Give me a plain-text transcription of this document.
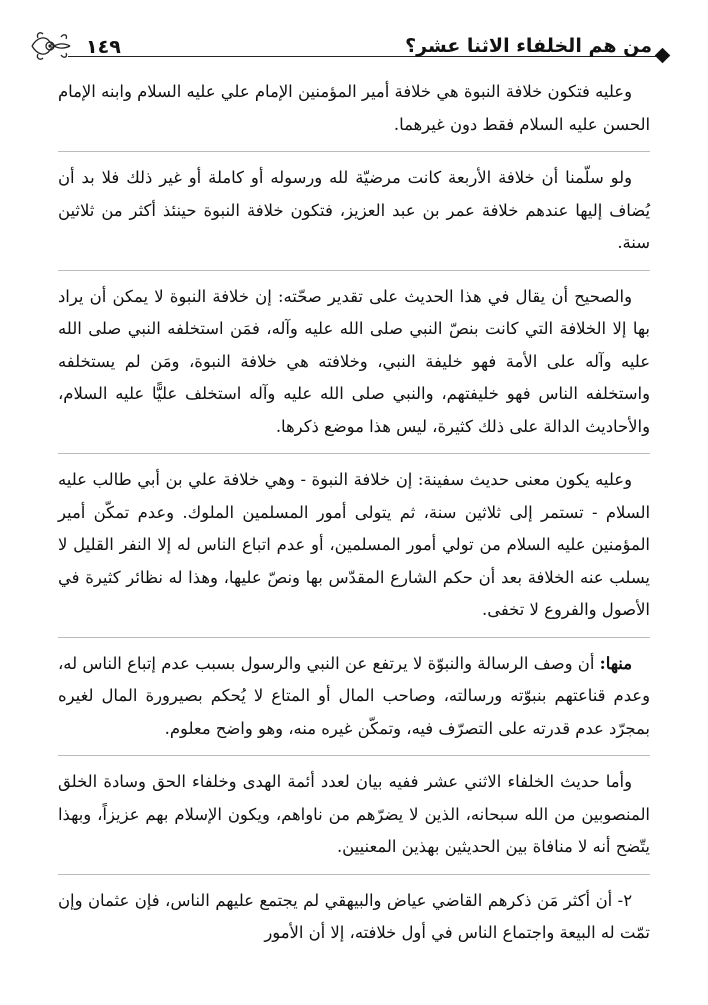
من هم الخلفاء الاثنا عشر؟
١٤٩

وعليه فتكون خلافة النبوة هي خلافة أمير المؤمنين الإمام علي عليه السلام وابنه الإمام الحسن عليه السلام فقط دون غيرهما.

ولو سلّمنا أن خلافة الأربعة كانت مرضيّة لله ورسوله أو كاملة أو غير ذلك فلا بد أن يُضاف إليها عندهم خلافة عمر بن عبد العزيز، فتكون خلافة النبوة حينئذ أكثر من ثلاثين سنة.

والصحيح أن يقال في هذا الحديث على تقدير صحّته: إن خلافة النبوة لا يمكن أن يراد بها إلا الخلافة التي كانت بنصّ النبي صلى الله عليه وآله، فمَن استخلفه النبي صلى الله عليه وآله على الأمة فهو خليفة النبي، وخلافته هي خلافة النبوة، ومَن لم يستخلفه واستخلفه الناس فهو خليفتهم، والنبي صلى الله عليه وآله استخلف عليًّا عليه السلام، والأحاديث الدالة على ذلك كثيرة، ليس هذا موضع ذكرها.

وعليه يكون معنى حديث سفينة: إن خلافة النبوة - وهي خلافة علي بن أبي طالب عليه السلام - تستمر إلى ثلاثين سنة، ثم يتولى أمور المسلمين الملوك. وعدم تمكّن أمير المؤمنين عليه السلام من تولي أمور المسلمين، أو عدم اتباع الناس له إلا النفر القليل لا يسلب عنه الخلافة بعد أن حكم الشارع المقدّس بها ونصّ عليها، وهذا له نظائر كثيرة في الأصول والفروع لا تخفى.

منها: أن وصف الرسالة والنبوّة لا يرتفع عن النبي والرسول بسبب عدم إتباع الناس له، وعدم قناعتهم بنبوّته ورسالته، وصاحب المال أو المتاع لا يُحكم بصيرورة المال لغيره بمجرّد عدم قدرته على التصرّف فيه، وتمكّن غيره منه، وهو واضح معلوم.

وأما حديث الخلفاء الاثني عشر ففيه بيان لعدد أئمة الهدى وخلفاء الحق وسادة الخلق المنصوبين من الله سبحانه، الذين لا يضرّهم من ناواهم، ويكون الإسلام بهم عزيزاً، وبهذا يتّضح أنه لا منافاة بين الحديثين بهذين المعنيين.

٢- أن أكثر مَن ذكرهم القاضي عياض والبيهقي لم يجتمع عليهم الناس، فإن عثمان وإن تمّت له البيعة واجتماع الناس في أول خلافته، إلا أن الأمور
